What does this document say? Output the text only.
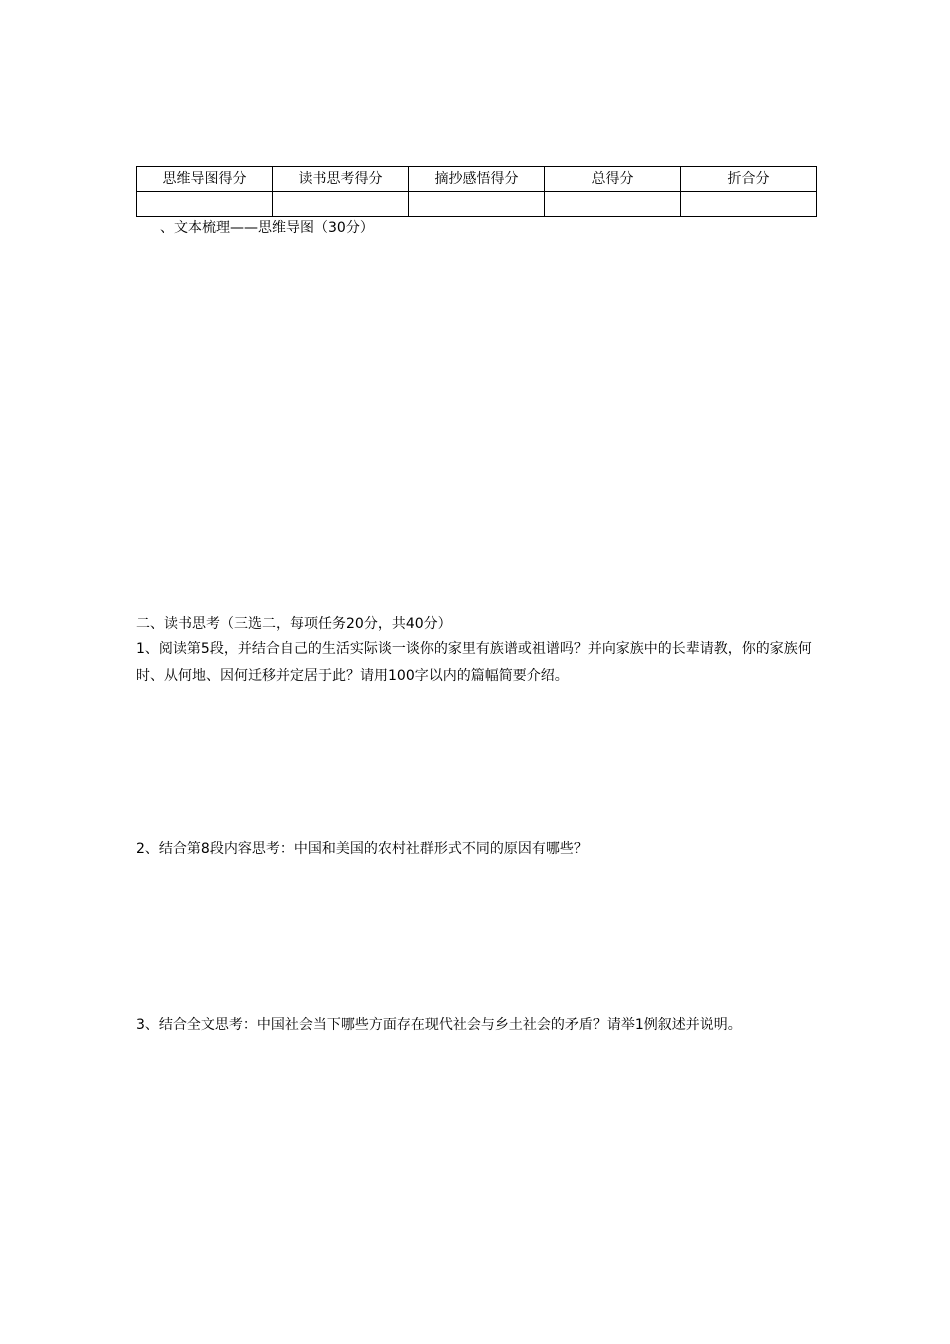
思维导图得分	读书思考得分	摘抄感悟得分	总得分	折合分

、文本梳理——思维导图（30分）

二、读书思考（三选二，每项任务20分，共40分）

1、阅读第5段，并结合自己的生活实际谈一谈你的家里有族谱或祖谱吗？并向家族中的长辈请教，你的家族何时、从何地、因何迁移并定居于此？请用100字以内的篇幅简要介绍。

2、结合第8段内容思考：中国和美国的农村社群形式不同的原因有哪些？

3、结合全文思考：中国社会当下哪些方面存在现代社会与乡土社会的矛盾？请举1例叙述并说明。
